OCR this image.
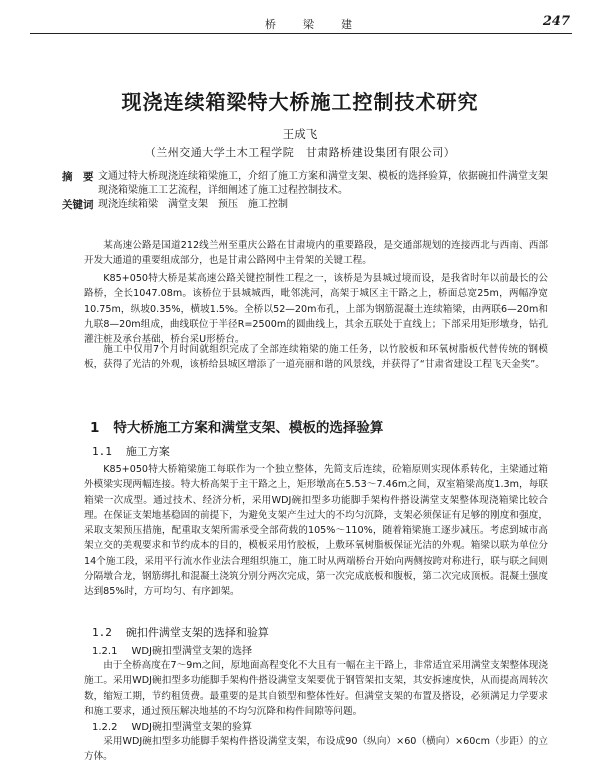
桥　梁　建	247
现浇连续箱梁特大桥施工控制技术研究
王成飞
（兰州交通大学土木工程学院　甘肃路桥建设集团有限公司）
摘　要 文通过特大桥现浇连续箱梁施工，介绍了施工方案和满堂支架、模板的选择验算，依据碗扣件满堂支架现浇箱梁施工工艺流程，详细阐述了施工过程控制技术。
关键词 现浇连续箱梁　满堂支架　预压　施工控制
某高速公路是国道212线兰州至重庆公路在甘肃境内的重要路段，是交通部规划的连接西北与西南、西部开发大通道的重要组成部分，也是甘肃公路网中主骨架的关键工程。
K85+050特大桥是某高速公路关键控制性工程之一，该桥是为县城过境而设，是我省时年以前最长的公路桥，全长1047.08m。该桥位于县城城西，毗邻洮河，高架于城区主干路之上，桥面总宽25m，两幅净宽10.75m，纵坡0.35%，横坡1.5%。全桥以52—20m布孔，上部为钢筋混凝土连续箱梁，由两联6—20m和九联8—20m组成，曲线联位于半径R=2500m的圆曲线上，其余五联处于直线上；下部采用矩形墩身，钻孔灌注桩及承台基础，桥台采U形桥台。
施工中仅用7个月时间就组织完成了全部连续箱梁的施工任务，以竹胶板和环氧树脂板代替传统的钢模板，获得了光洁的外观，该桥给县城区增添了一道亮丽和谐的风景线，并获得了“甘肃省建设工程飞天金奖”。
1 特大桥施工方案和满堂支架、模板的选择验算
1.1 施工方案
K85+050特大桥箱梁施工每联作为一个独立整体，先简支后连续，砼箱原则实现体系转化，主梁通过箱外模梁实现两幅连接。特大桥高架于主干路之上，矩形墩高在5.53～7.46m之间，双室箱梁高度1.3m，每联箱梁一次成型。通过技术、经济分析，采用WDJ碗扣型多功能脚手架构件搭设满堂支架整体现浇箱梁比较合理。在保证支架地基稳固的前提下，为避免支架产生过大的不均匀沉降，支架必须保证有足够的刚度和强度，采取支架预压措施，配重取支架所需承受全部荷载的105%～110%，随着箱梁施工逐步减压。考虑到城市高架立交的美观要求和节约成本的目的，模板采用竹胶板，上敷环氧树脂板保证光洁的外观。箱梁以联为单位分14个施工段，采用平行流水作业法合理组织施工，施工时从两端桥台开始向两侧按跨对称进行，联与联之间则分隔墩合龙，钢筋绑扎和混凝土浇筑分别分两次完成，第一次完成底板和腹板，第二次完成顶板。混凝土强度达到85%时，方可均匀、有序卸架。
1.2 碗扣件满堂支架的选择和验算
1.2.1 WDJ碗扣型满堂支架的选择
由于全桥高度在7～9m之间，原地面高程变化不大且有一幅在主干路上，非常适宜采用满堂支架整体现浇施工。采用WDJ碗扣型多功能脚手架构件搭设满堂支架要优于钢管架扣支架，其安拆速度快，从而提高周转次数，缩短工期，节约租赁费。最重要的是其自锁型和整体性好。但满堂支架的布置及搭设，必须满足力学要求和施工要求，通过预压解决地基的不均匀沉降和构件间隙等问题。
1.2.2 WDJ碗扣型满堂支架的验算
采用WDJ碗扣型多功能脚手架构件搭设满堂支架，布设成90（纵向）×60（横向）×60cm（步距）的立方体。
